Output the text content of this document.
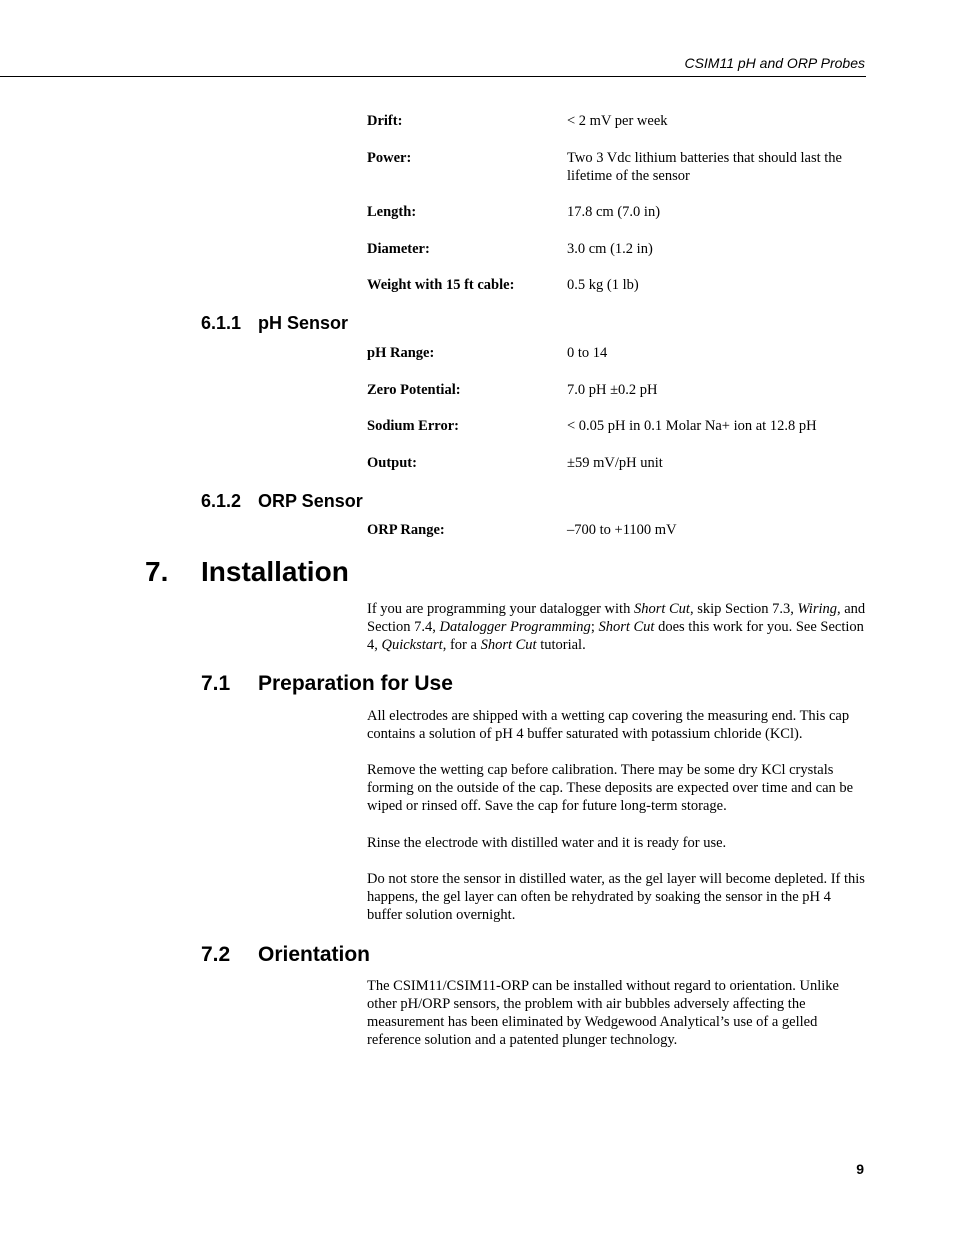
CSIM11 pH and ORP Probes
Drift:	< 2 mV per week
Power:	Two 3 Vdc lithium batteries that should last the lifetime of the sensor
Length:	17.8 cm (7.0 in)
Diameter:	3.0 cm (1.2 in)
Weight with 15 ft cable:	0.5 kg (1 lb)
6.1.1 pH Sensor
pH Range:	0 to 14
Zero Potential:	7.0 pH ±0.2 pH
Sodium Error:	< 0.05 pH in 0.1 Molar Na+ ion at 12.8 pH
Output:	±59 mV/pH unit
6.1.2 ORP Sensor
ORP Range:	–700 to +1100 mV
7. Installation

If you are programming your datalogger with Short Cut, skip Section 7.3, Wiring, and Section 7.4, Datalogger Programming; Short Cut does this work for you. See Section 4, Quickstart, for a Short Cut tutorial.

7.1 Preparation for Use

All electrodes are shipped with a wetting cap covering the measuring end. This cap contains a solution of pH 4 buffer saturated with potassium chloride (KCl).

Remove the wetting cap before calibration. There may be some dry KCl crystals forming on the outside of the cap. These deposits are expected over time and can be wiped or rinsed off. Save the cap for future long-term storage.

Rinse the electrode with distilled water and it is ready for use.

Do not store the sensor in distilled water, as the gel layer will become depleted. If this happens, the gel layer can often be rehydrated by soaking the sensor in the pH 4 buffer solution overnight.

7.2 Orientation

The CSIM11/CSIM11-ORP can be installed without regard to orientation. Unlike other pH/ORP sensors, the problem with air bubbles adversely affecting the measurement has been eliminated by Wedgewood Analytical’s use of a gelled reference solution and a patented plunger technology.

9
